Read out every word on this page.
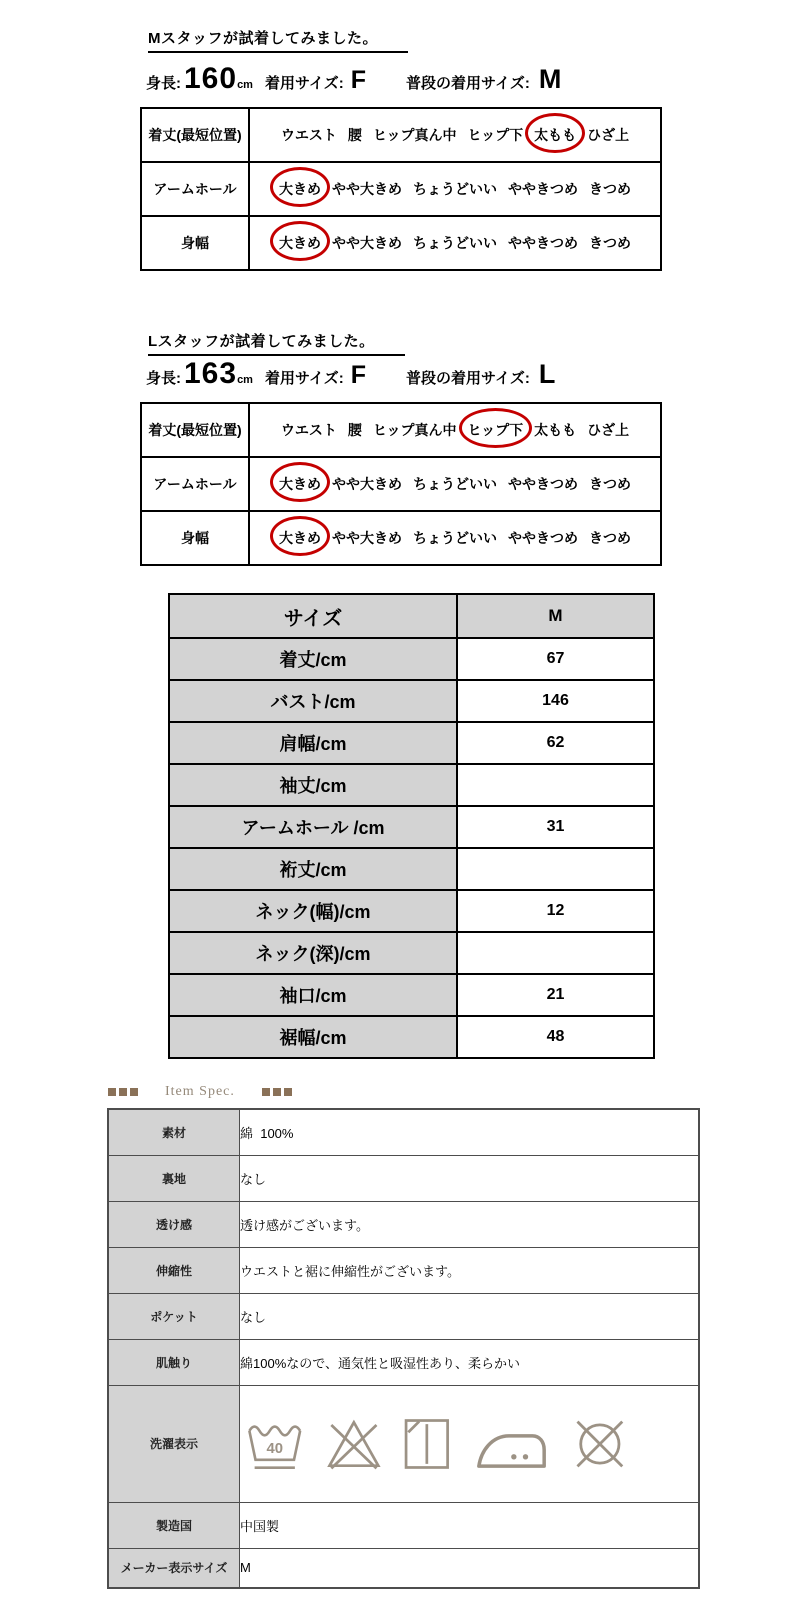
Mスタッフが試着してみました。
身長: 160 cm 着用サイズ: F	普段の着用サイズ: M
着丈(最短位置)	ウエスト 腰 ヒップ真ん中 ヒップ下 太もも ひざ上

アームホール	大きめ やや大きめ ちょうどいい ややきつめ きつめ

身幅	大きめ やや大きめ ちょうどいい ややきつめ きつめ
Lスタッフが試着してみました。
身長: 163 cm 着用サイズ: F	普段の着用サイズ: L
着丈(最短位置)	ウエスト 腰 ヒップ真ん中 ヒップ下 太もも ひざ上

アームホール	大きめ やや大きめ ちょうどいい ややきつめ きつめ

身幅	大きめ やや大きめ ちょうどいい ややきつめ きつめ
サイズ	M
着丈/cm	67
バスト/cm	146
肩幅/cm	62
袖丈/cm	
アームホール /cm	31
裄丈/cm	
ネック(幅)/cm	12
ネック(深)/cm	
袖口/cm	21
裾幅/cm	48
Item Spec.
素材	綿  100%
裏地	なし
透け感	透け感がございます。
伸縮性	ウエストと裾に伸縮性がございます。
ポケット	なし
肌触り	綿100%なので、通気性と吸湿性あり、柔らかい
洗濯表示	40

製造国	中国製
メーカー表示サイズ	M
